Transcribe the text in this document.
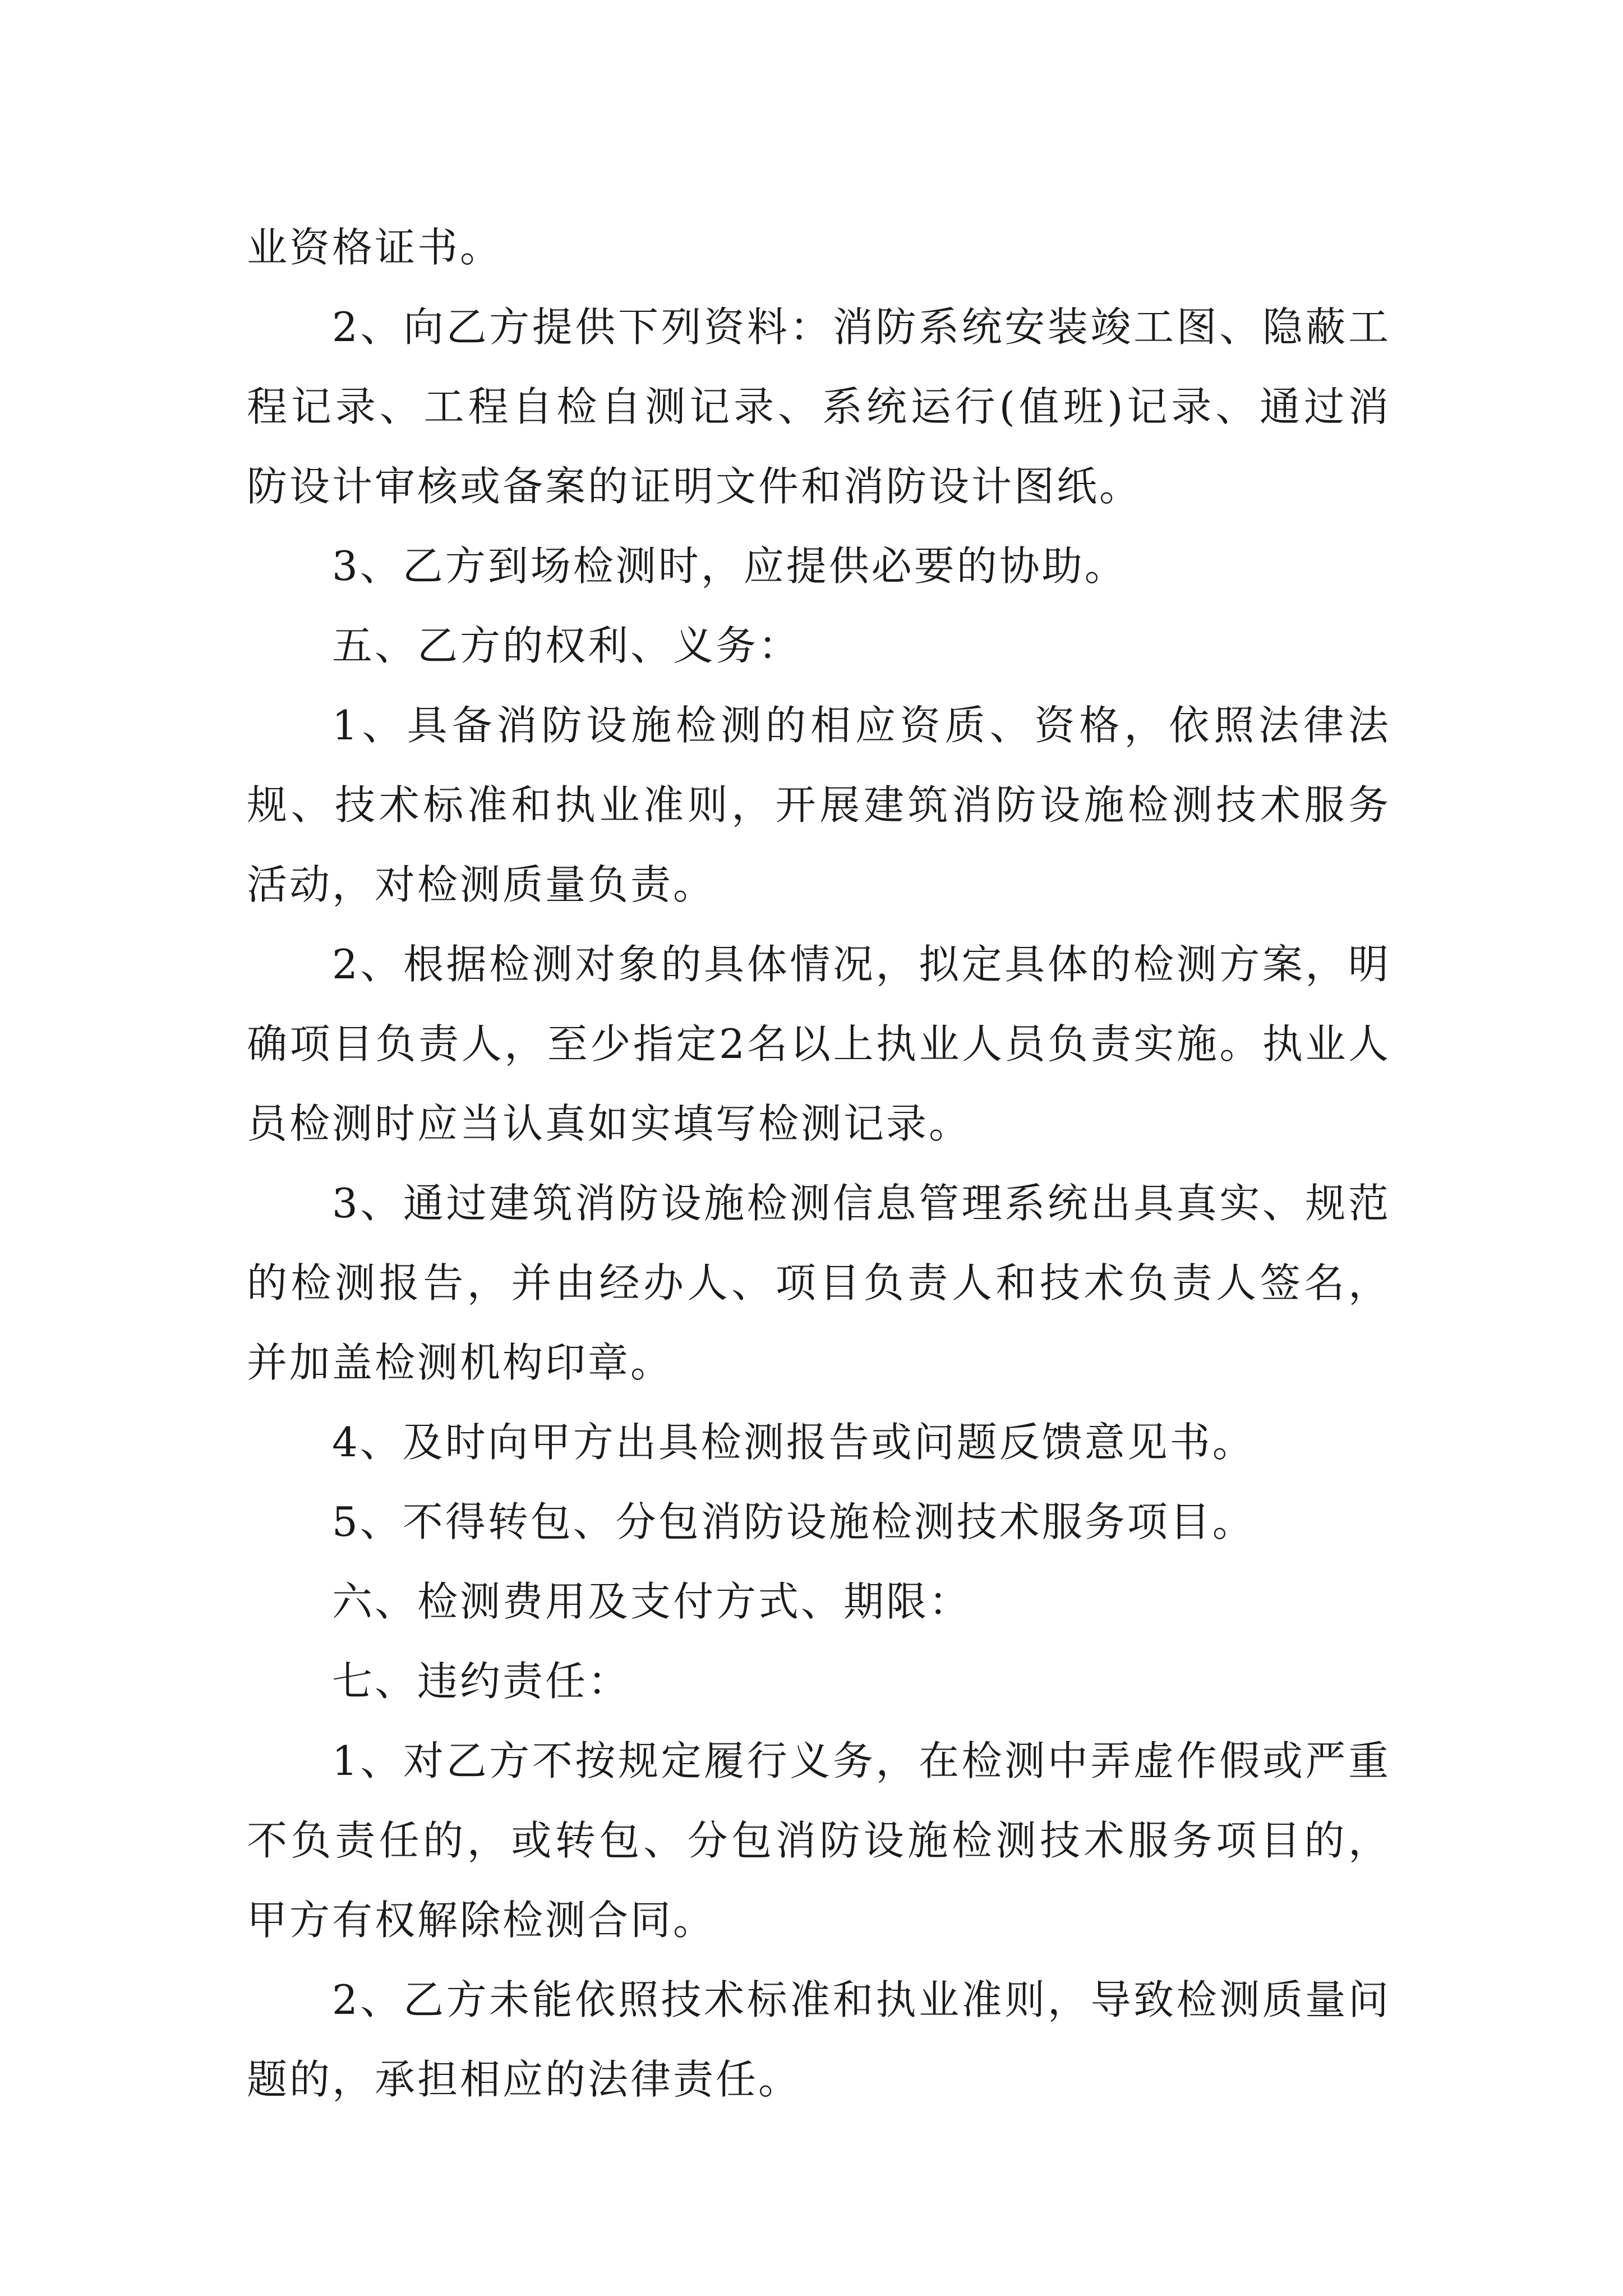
业资格证书。

2、向乙方提供下列资料：消防系统安装竣工图、隐蔽工程记录、工程自检自测记录、系统运行(值班)记录、通过消防设计审核或备案的证明文件和消防设计图纸。

3、乙方到场检测时，应提供必要的协助。

五、乙方的权利、义务：

1、具备消防设施检测的相应资质、资格，依照法律法规、技术标准和执业准则，开展建筑消防设施检测技术服务活动，对检测质量负责。

2、根据检测对象的具体情况，拟定具体的检测方案，明确项目负责人，至少指定2名以上执业人员负责实施。执业人员检测时应当认真如实填写检测记录。

3、通过建筑消防设施检测信息管理系统出具真实、规范的检测报告，并由经办人、项目负责人和技术负责人签名，并加盖检测机构印章。

4、及时向甲方出具检测报告或问题反馈意见书。

5、不得转包、分包消防设施检测技术服务项目。

六、检测费用及支付方式、期限：

七、违约责任：

1、对乙方不按规定履行义务，在检测中弄虚作假或严重不负责任的，或转包、分包消防设施检测技术服务项目的，甲方有权解除检测合同。

2、乙方未能依照技术标准和执业准则，导致检测质量问题的，承担相应的法律责任。
